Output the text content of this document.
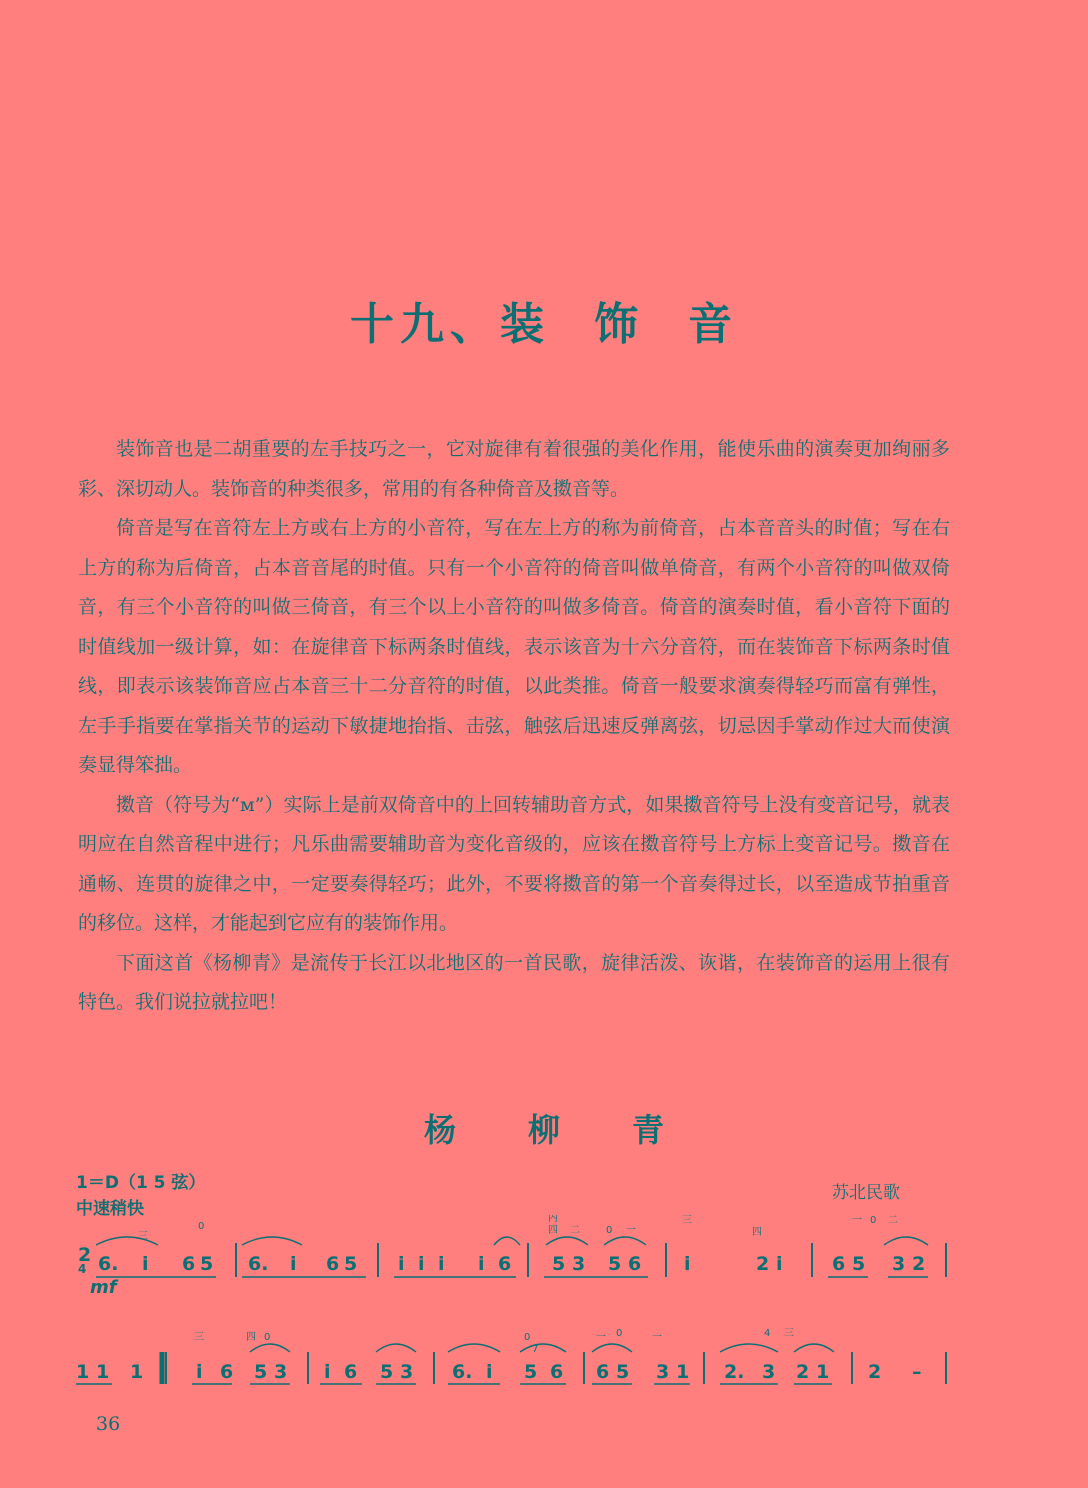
十九、装 饰 音

装饰音也是二胡重要的左手技巧之一，它对旋律有着很强的美化作用，能使乐曲的演奏更加绚丽多彩、深切动人。装饰音的种类很多，常用的有各种倚音及擞音等。

倚音是写在音符左上方或右上方的小音符，写在左上方的称为前倚音，占本音音头的时值；写在右上方的称为后倚音，占本音音尾的时值。只有一个小音符的倚音叫做单倚音，有两个小音符的叫做双倚音，有三个小音符的叫做三倚音，有三个以上小音符的叫做多倚音。倚音的演奏时值，看小音符下面的时值线加一级计算，如：在旋律音下标两条时值线，表示该音为十六分音符，而在装饰音下标两条时值线，即表示该装饰音应占本音三十二分音符的时值，以此类推。倚音一般要求演奏得轻巧而富有弹性，左手手指要在掌指关节的运动下敏捷地抬指、击弦，触弦后迅速反弹离弦，切忌因手掌动作过大而使演奏显得笨拙。

擞音（符号为“ᴍ”）实际上是前双倚音中的上回转辅助音方式，如果擞音符号上没有变音记号，就表明应在自然音程中进行；凡乐曲需要辅助音为变化音级的，应该在擞音符号上方标上变音记号。擞音在通畅、连贯的旋律之中，一定要奏得轻巧；此外，不要将擞音的第一个音奏得过长，以至造成节拍重音的移位。这样，才能起到它应有的装饰作用。

下面这首《杨柳青》是流传于长江以北地区的一首民歌，旋律活泼、诙谐，在装饰音的运用上很有特色。我们说拉就拉吧！

杨 柳 青
1＝D（1 5 弦）
中速稍快
苏北民歌
2
4
mf
6. i 6 5 6. i 6 5 i i i i 6 5 3 5 6 i	2 i	6 5 3 2
三
0
内
四 二	0 一
三
四
一 0 二
1 1 1	i 6 5 3 i 6 5 3 6. i 5 6 6 5 3 1 2. 3 2 1 2 –
三	四 0	0
7
一 0	一	4 三
36
